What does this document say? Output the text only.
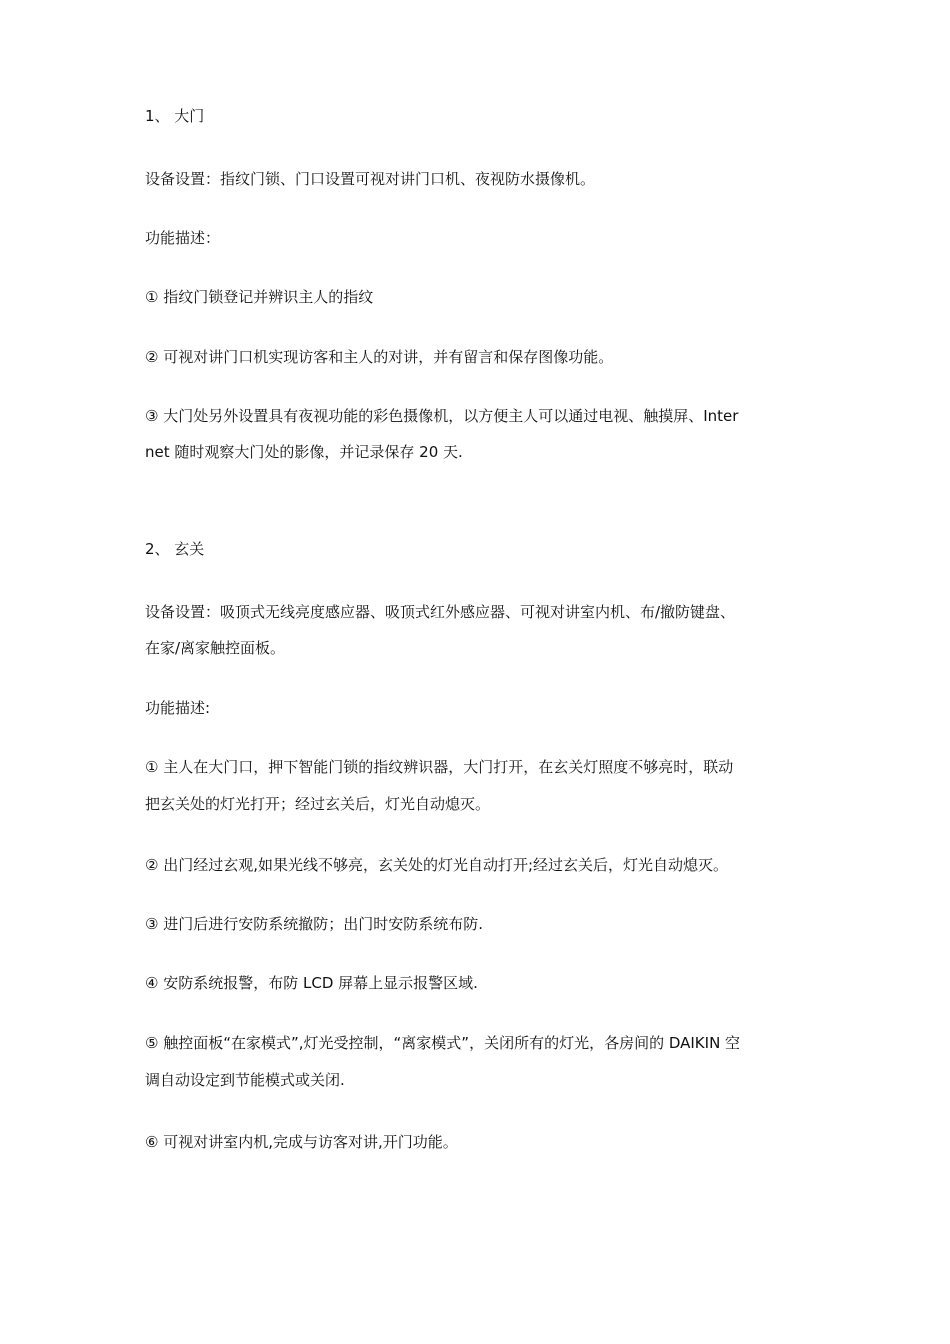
1、 大门
设备设置：指纹门锁、门口设置可视对讲门口机、夜视防水摄像机。
功能描述：
① 指纹门锁登记并辨识主人的指纹
② 可视对讲门口机实现访客和主人的对讲，并有留言和保存图像功能。
③ 大门处另外设置具有夜视功能的彩色摄像机，以方便主人可以通过电视、触摸屏、Inter
net 随时观察大门处的影像，并记录保存 20 天.
2、 玄关
设备设置：吸顶式无线亮度感应器、吸顶式红外感应器、可视对讲室内机、布/撤防键盘、
在家/离家触控面板。
功能描述:
① 主人在大门口，押下智能门锁的指纹辨识器，大门打开，在玄关灯照度不够亮时，联动
把玄关处的灯光打开；经过玄关后，灯光自动熄灭。
② 出门经过玄观,如果光线不够亮，玄关处的灯光自动打开;经过玄关后，灯光自动熄灭。
③ 进门后进行安防系统撤防；出门时安防系统布防.
④ 安防系统报警，布防 LCD 屏幕上显示报警区域.
⑤ 触控面板“在家模式”,灯光受控制，“离家模式”，关闭所有的灯光，各房间的 DAIKIN 空
调自动设定到节能模式或关闭.
⑥ 可视对讲室内机,完成与访客对讲,开门功能。
